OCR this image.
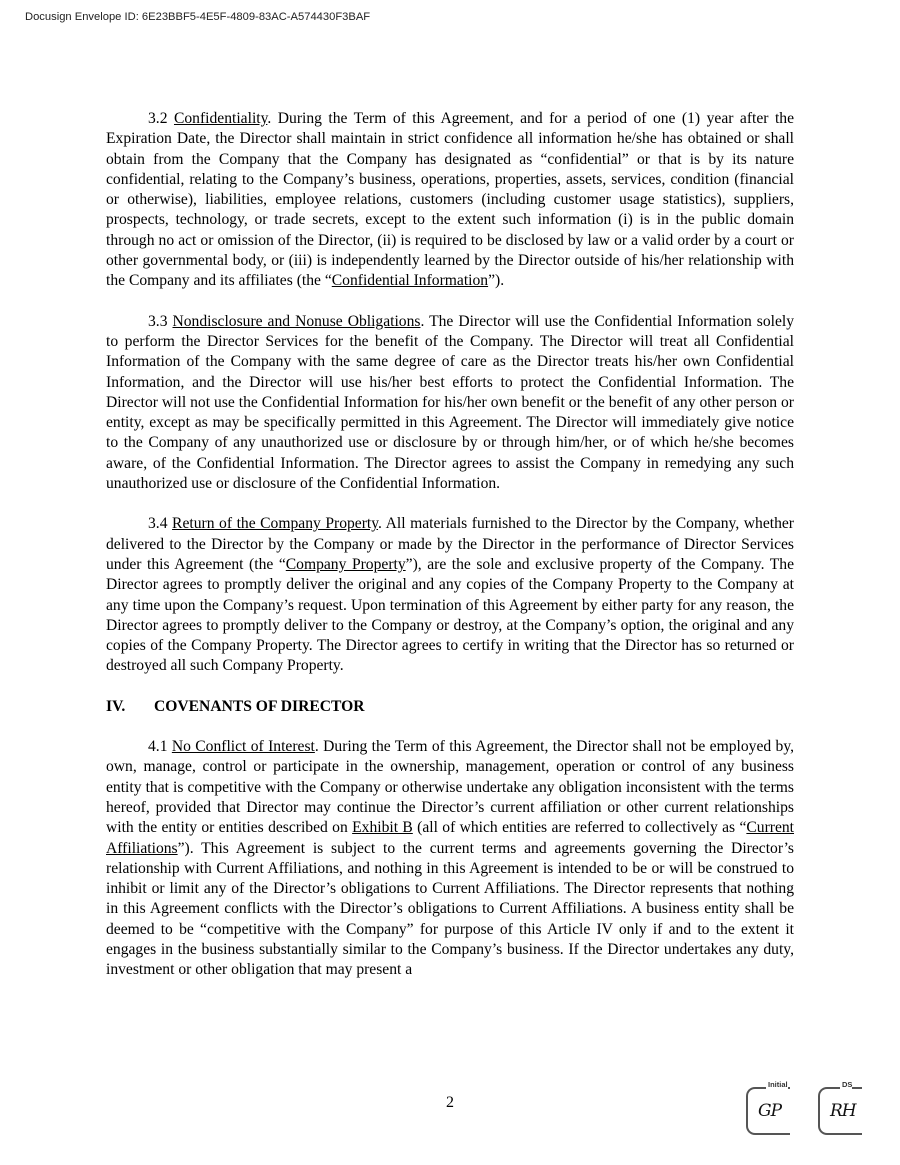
Docusign Envelope ID: 6E23BBF5-4E5F-4809-83AC-A574430F3BAF

3.2 Confidentiality. During the Term of this Agreement, and for a period of one (1) year after the Expiration Date, the Director shall maintain in strict confidence all information he/she has obtained or shall obtain from the Company that the Company has designated as “confidential” or that is by its nature confidential, relating to the Company’s business, operations, properties, assets, services, condition (financial or otherwise), liabilities, employee relations, customers (including customer usage statistics), suppliers, prospects, technology, or trade secrets, except to the extent such information (i) is in the public domain through no act or omission of the Director, (ii) is required to be disclosed by law or a valid order by a court or other governmental body, or (iii) is independently learned by the Director outside of his/her relationship with the Company and its affiliates (the “Confidential Information”).

3.3 Nondisclosure and Nonuse Obligations. The Director will use the Confidential Information solely to perform the Director Services for the benefit of the Company. The Director will treat all Confidential Information of the Company with the same degree of care as the Director treats his/her own Confidential Information, and the Director will use his/her best efforts to protect the Confidential Information. The Director will not use the Confidential Information for his/her own benefit or the benefit of any other person or entity, except as may be specifically permitted in this Agreement. The Director will immediately give notice to the Company of any unauthorized use or disclosure by or through him/her, or of which he/she becomes aware, of the Confidential Information. The Director agrees to assist the Company in remedying any such unauthorized use or disclosure of the Confidential Information.

3.4 Return of the Company Property. All materials furnished to the Director by the Company, whether delivered to the Director by the Company or made by the Director in the performance of Director Services under this Agreement (the “Company Property”), are the sole and exclusive property of the Company. The Director agrees to promptly deliver the original and any copies of the Company Property to the Company at any time upon the Company’s request. Upon termination of this Agreement by either party for any reason, the Director agrees to promptly deliver to the Company or destroy, at the Company’s option, the original and any copies of the Company Property. The Director agrees to certify in writing that the Director has so returned or destroyed all such Company Property.

IV. COVENANTS OF DIRECTOR

4.1 No Conflict of Interest. During the Term of this Agreement, the Director shall not be employed by, own, manage, control or participate in the ownership, management, operation or control of any business entity that is competitive with the Company or otherwise undertake any obligation inconsistent with the terms hereof, provided that Director may continue the Director’s current affiliation or other current relationships with the entity or entities described on Exhibit B (all of which entities are referred to collectively as “Current Affiliations”). This Agreement is subject to the current terms and agreements governing the Director’s relationship with Current Affiliations, and nothing in this Agreement is intended to be or will be construed to inhibit or limit any of the Director’s obligations to Current Affiliations. The Director represents that nothing in this Agreement conflicts with the Director’s obligations to Current Affiliations. A business entity shall be deemed to be “competitive with the Company” for purpose of this Article IV only if and to the extent it engages in the business substantially similar to the Company’s business. If the Director undertakes any duty, investment or other obligation that may present a

2
Initial
GP
DS
RH
